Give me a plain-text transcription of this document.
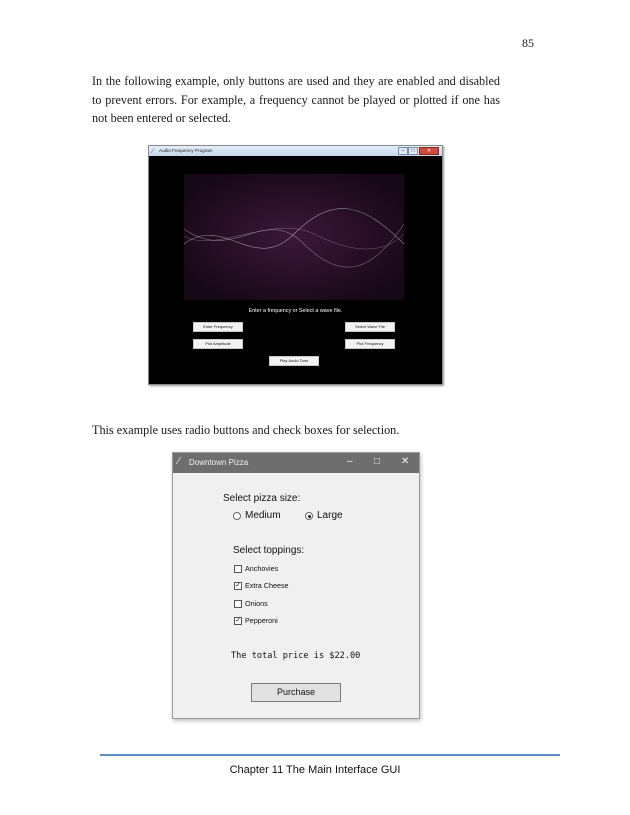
85
In the following example, only buttons are used and they are enabled and disabled to prevent errors. For example, a frequency cannot be played or plotted if one has not been entered or selected.
⁄ Audio Frequency Program	–	□	✕
Enter a frequency or Select a wave file.
Enter Frequency	Select Wave File
Plot Amplitude	Plot Frequency
Play Audio Tone
This example uses radio buttons and check boxes for selection.
⁄ Downtown Pizza	– □ ✕
Select pizza size:
Medium	Large
Select toppings:
Anchovies
✓ Extra Cheese
Onions
✓ Pepperoni
The total price is $22.00
Purchase
Chapter 11 The Main Interface GUI
